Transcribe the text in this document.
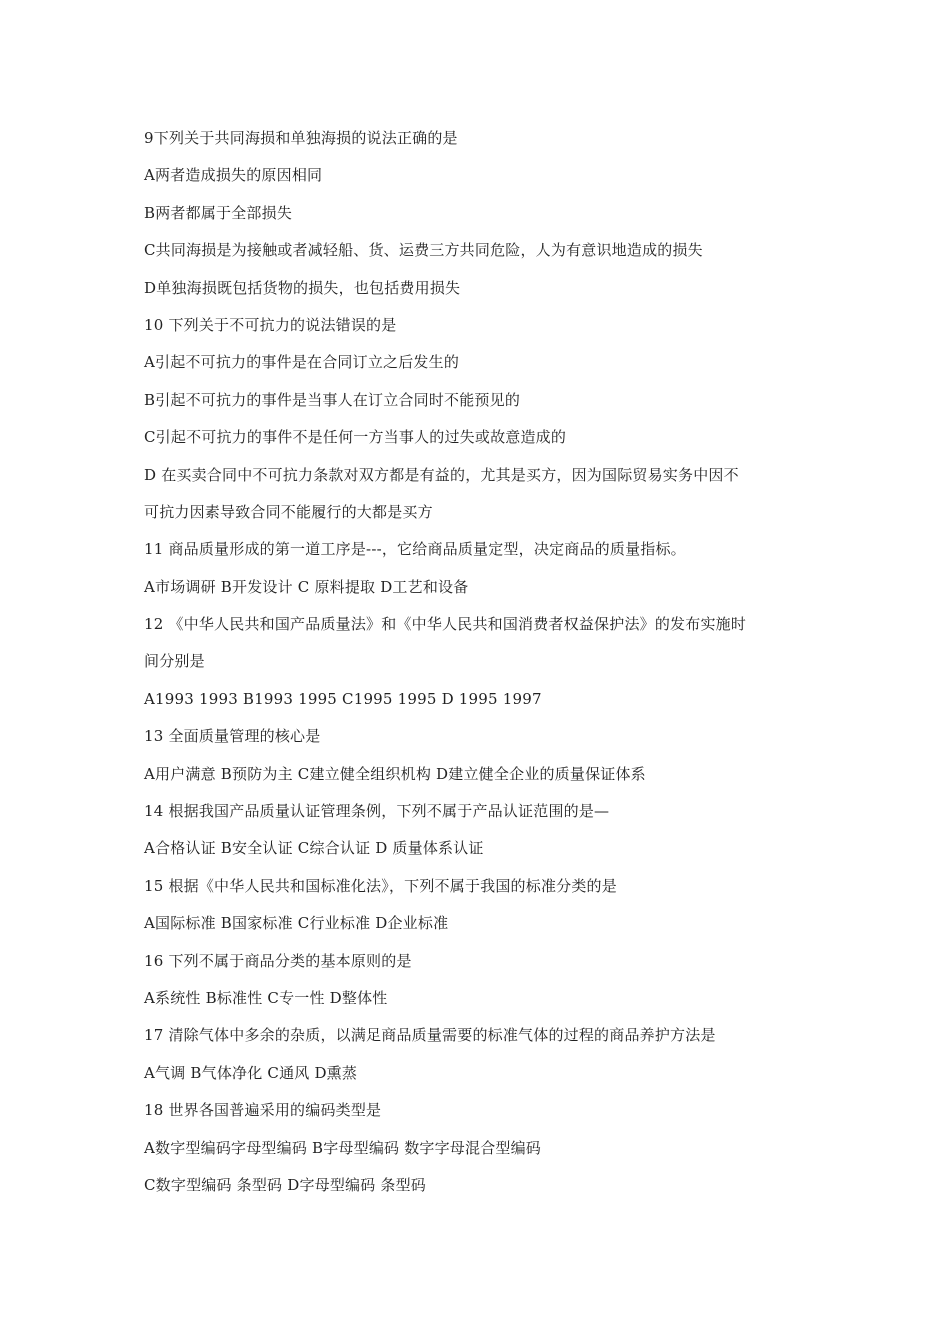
9下列关于共同海损和单独海损的说法正确的是
A两者造成损失的原因相同
B两者都属于全部损失
C共同海损是为接触或者减轻船、货、运费三方共同危险，人为有意识地造成的损失
D单独海损既包括货物的损失，也包括费用损失
10 下列关于不可抗力的说法错误的是
A引起不可抗力的事件是在合同订立之后发生的
B引起不可抗力的事件是当事人在订立合同时不能预见的
C引起不可抗力的事件不是任何一方当事人的过失或故意造成的
D 在买卖合同中不可抗力条款对双方都是有益的，尤其是买方，因为国际贸易实务中因不
可抗力因素导致合同不能履行的大都是买方
11 商品质量形成的第一道工序是---，它给商品质量定型，决定商品的质量指标。
A市场调研 B开发设计 C 原料提取 D工艺和设备
12 《中华人民共和国产品质量法》和《中华人民共和国消费者权益保护法》的发布实施时
间分别是
A1993 1993 B1993 1995 C1995 1995 D 1995 1997
13 全面质量管理的核心是
A用户满意 B预防为主 C建立健全组织机构 D建立健全企业的质量保证体系
14 根据我国产品质量认证管理条例，下列不属于产品认证范围的是—
A合格认证 B安全认证 C综合认证 D 质量体系认证
15 根据《中华人民共和国标准化法》，下列不属于我国的标准分类的是
A国际标准 B国家标准 C行业标准 D企业标准
16 下列不属于商品分类的基本原则的是
A系统性 B标准性 C专一性 D整体性
17 清除气体中多余的杂质，以满足商品质量需要的标准气体的过程的商品养护方法是
A气调 B气体净化 C通风 D熏蒸
18 世界各国普遍采用的编码类型是
A数字型编码字母型编码 B字母型编码 数字字母混合型编码
C数字型编码 条型码 D字母型编码 条型码
